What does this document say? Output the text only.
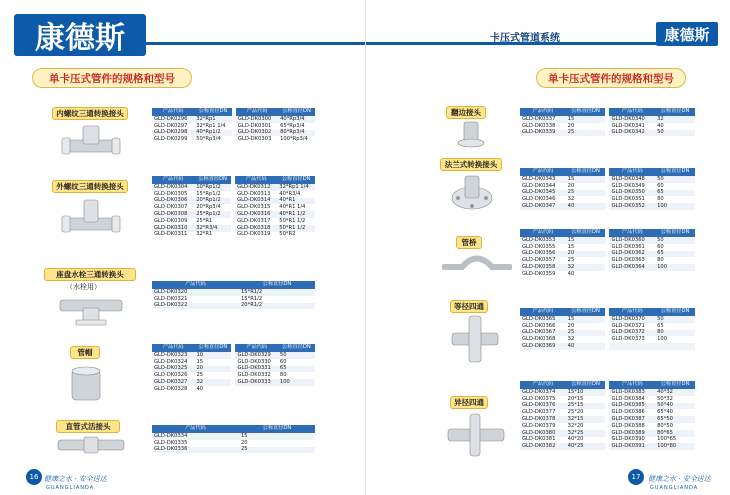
康德斯
单卡压式管件的规格和型号
内螺纹三通转换接头	产品代码	公称直径DN		产品代码	公称直径DN
GLD-DK0296	32*Rp1		GLD-DK0300	40*Rp3/4
GLD-DK0297	32*Rp1 1/4		GLD-DK0301	65*Rp3/4
GLD-DK0298	40*Rp1/2		GLD-DK0302	80*Rp3/4
GLD-DK0299	50*Rp3/4		GLD-DK0303	100*Rp3/4
外螺纹三通转换接头
产品代码	公称直径DN		产品代码	公称直径DN
GLD-DK0304	10*Rp1/2		GLD-DK0312	32*Rp1 1/4
GLD-DK0305	15*Rp1/2		GLD-DK0313	40*R3/4
GLD-DK0306	20*Rp1/2		GLD-DK0314	40*R1
GLD-DK0307	20*Rp3/4		GLD-DK0315	40*R1 1/4
GLD-DK0308	25*Rp1/2		GLD-DK0316	40*R1 1/2
GLD-DK0309	25*R1		GLD-DK0317	50*R1 1/2
GLD-DK0310	32*R3/4		GLD-DK0318	50*R1 1/2
GLD-DK0311	32*R1		GLD-DK0319	50*R2
座盘水栓三通转换头
（水栓用）	产品代码	公称直径DN
GLD-DK0320	15*R1/2
GLD-DK0321	15*R1/2
GLD-DK0322	20*R1/2
管帽
产品代码	公称直径DN		产品代码	公称直径DN
GLD-DK0323	10		GLD-DK0329	50
GLD-DK0324	15		GLD-DK0330	60
GLD-DK0325	20		GLD-DK0331	65
GLD-DK0326	25		GLD-DK0332	80
GLD-DK0327	32		GLD-DK0333	100
GLD-DK0328	40			
直管式活接头	产品代码	公称直径DN
GLD-DK0334	15
GLD-DK0335	20
GLD-DK0336	25
16 健康之水 · 安全送达
GUANGLIANDA
卡压式管道系统	康德斯
单卡压式管件的规格和型号
翻边接头	产品代码	公称直径DN		产品代码	公称直径DN
GLD-DK0337	15		GLD-DK0340	32
GLD-DK0338	20		GLD-DK0341	40
GLD-DK0339	25		GLD-DK0342	50
法兰式转换接头
产品代码	公称直径DN		产品代码	公称直径DN
GLD-DK0343	15		GLD-DK0348	50
GLD-DK0344	20		GLD-DK0349	60
GLD-DK0345	25		GLD-DK0350	65
GLD-DK0346	32		GLD-DK0351	80
GLD-DK0347	40		GLD-DK0352	100
管桥
产品代码	公称直径DN		产品代码	公称直径DN
GLD-DK0353	15		GLD-DK0360	50
GLD-DK0355	15		GLD-DK0361	60
GLD-DK0356	20		GLD-DK0362	65
GLD-DK0357	25		GLD-DK0363	80
GLD-DK0358	32		GLD-DK0364	100
GLD-DK0359	40			
等径四通
产品代码	公称直径DN		产品代码	公称直径DN
GLD-DK0365	15		GLD-DK0370	50
GLD-DK0366	20		GLD-DK0371	65
GLD-DK0367	25		GLD-DK0372	80
GLD-DK0368	32		GLD-DK0373	100
GLD-DK0369	40			
异径四通
产品代码	公称直径DN		产品代码	公称直径DN
GLD-DK0374	15*10		GLD-DK0383	40*32
GLD-DK0375	20*15		GLD-DK0384	50*32
GLD-DK0376	25*15		GLD-DK0385	50*40
GLD-DK0377	25*20		GLD-DK0386	65*40
GLD-DK0378	32*15		GLD-DK0387	65*50
GLD-DK0379	32*20		GLD-DK0388	80*50
GLD-DK0380	32*25		GLD-DK0389	80*65
GLD-DK0381	40*20		GLD-DK0390	100*65
GLD-DK0382	40*25		GLD-DK0391	100*80
17	健康之水 · 安全送达
GUANGLIANDA
